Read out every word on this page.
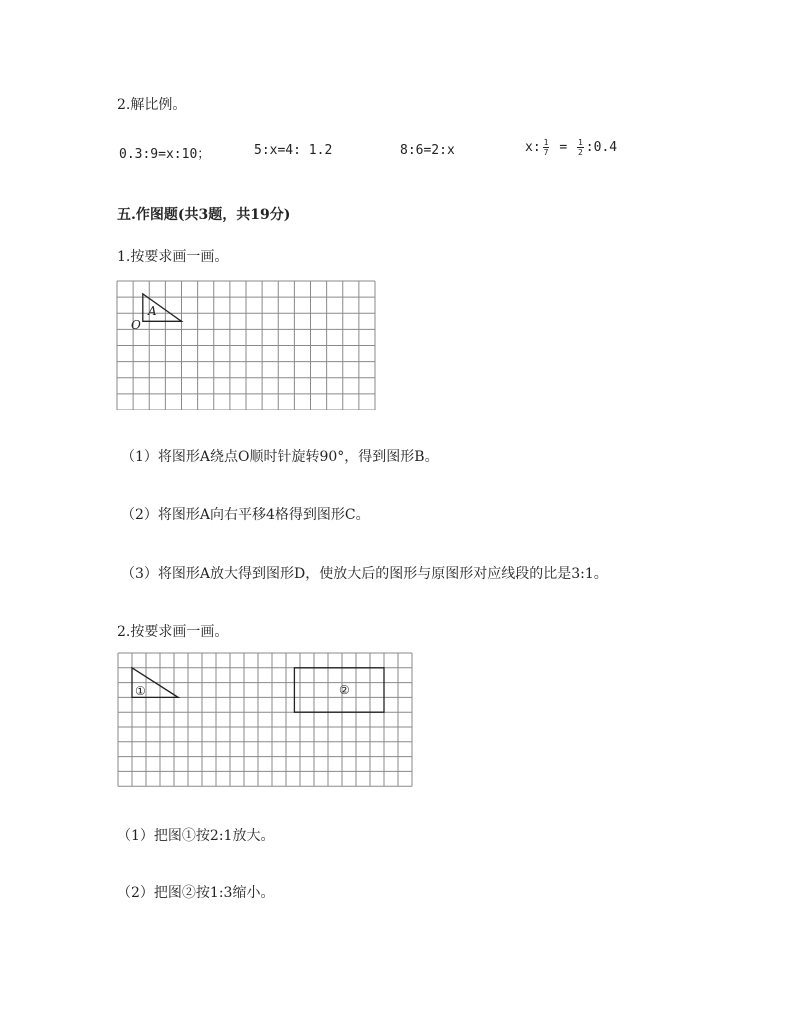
2.解比例。
0.3:9=x:10；	5:x=4: 1.2	8:6=2:x	x: $\frac{1}{7} = \frac{1}{2}$ :0.4
五.作图题(共3题，共19分)
1.按要求画一画。
A
O
（1）将图形A绕点O顺时针旋转90°，得到图形B。
（2）将图形A向右平移4格得到图形C。
（3）将图形A放大得到图形D，使放大后的图形与原图形对应线段的比是3:1。
2.按要求画一画。
①	②
（1）把图①按2:1放大。
（2）把图②按1:3缩小。
